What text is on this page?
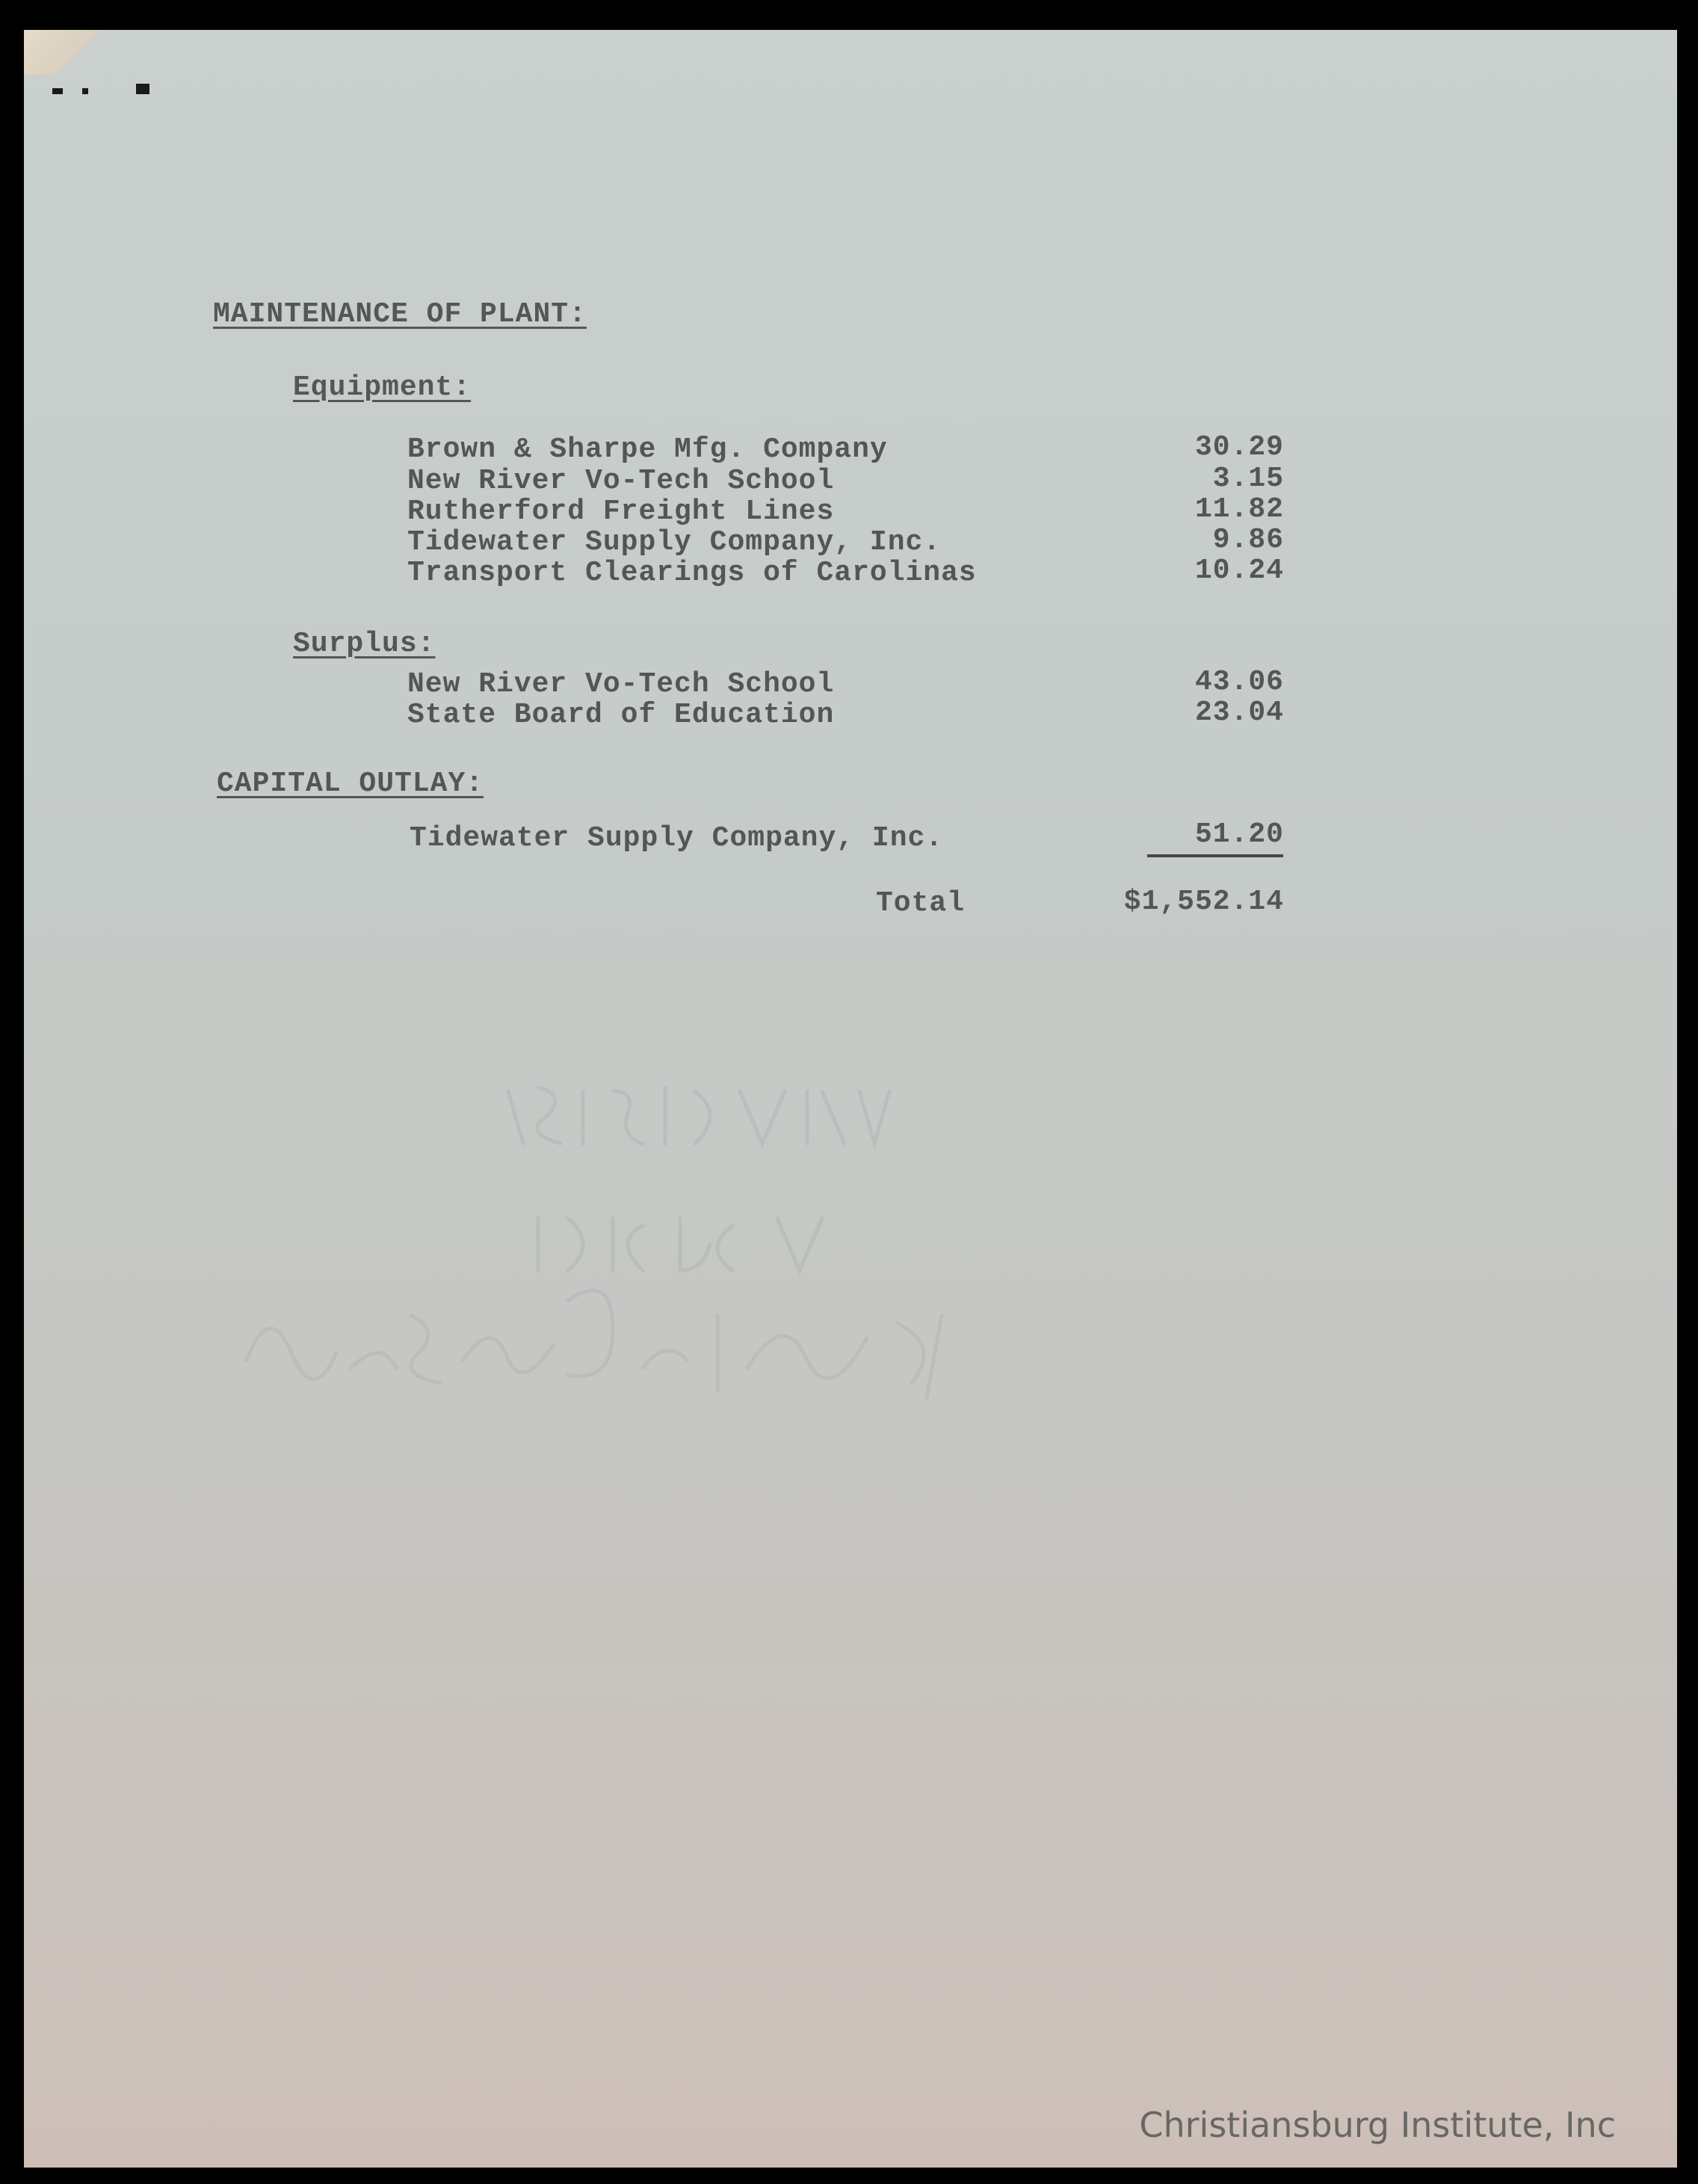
MAINTENANCE OF PLANT:
Equipment:
Brown & Sharpe Mfg. Company	30.29
New River Vo-Tech School	3.15
Rutherford Freight Lines	11.82
Tidewater Supply Company, Inc.	9.86
Transport Clearings of Carolinas	10.24
Surplus:
New River Vo-Tech School	43.06
State Board of Education	23.04
CAPITAL OUTLAY:
Tidewater Supply Company, Inc.	51.20
Total	$1,552.14
Christiansburg Institute, Inc
